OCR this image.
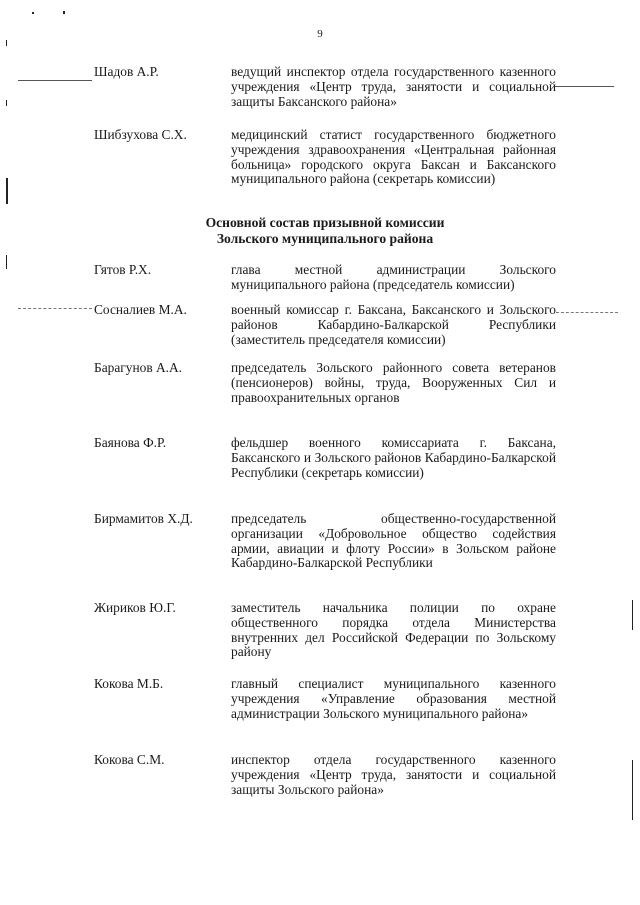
9
Шадов А.Р.	ведущий инспектор отдела государственного казенного учреждения «Центр труда, занятости и социальной защиты Баксанского района»
Шибзухова С.Х.	медицинский статист государственного бюджетного учреждения здравоохранения «Центральная районная больница» городского округа Баксан и Баксанского муниципального района (секретарь комиссии)
Основной состав призывной комиссии
Зольского муниципального района
Гятов Р.Х.	глава местной администрации Зольского муниципального района (председатель комиссии)
Сосналиев М.А.	военный комиссар г. Баксана, Баксанского и Зольского районов Кабардино-Балкарской Республики (заместитель председателя комиссии)
Барагунов А.А.	председатель Зольского районного совета ветеранов (пенсионеров) войны, труда, Вооруженных Сил и правоохранительных органов
Баянова Ф.Р.	фельдшер военного комиссариата г. Баксана, Баксанского и Зольского районов Кабардино-Балкарской Республики (секретарь комиссии)
Бирмамитов Х.Д.	председатель общественно-государственной организации «Добровольное общество содействия армии, авиации и флоту России» в Зольском районе Кабардино-Балкарской Республики
Жириков Ю.Г.	заместитель начальника полиции по охране общественного порядка отдела Министерства внутренних дел Российской Федерации по Зольскому району
Кокова М.Б.	главный специалист муниципального казенного учреждения «Управление образования местной администрации Зольского муниципального района»
Кокова С.М.	инспектор отдела государственного казенного учреждения «Центр труда, занятости и социальной защиты Зольского района»
